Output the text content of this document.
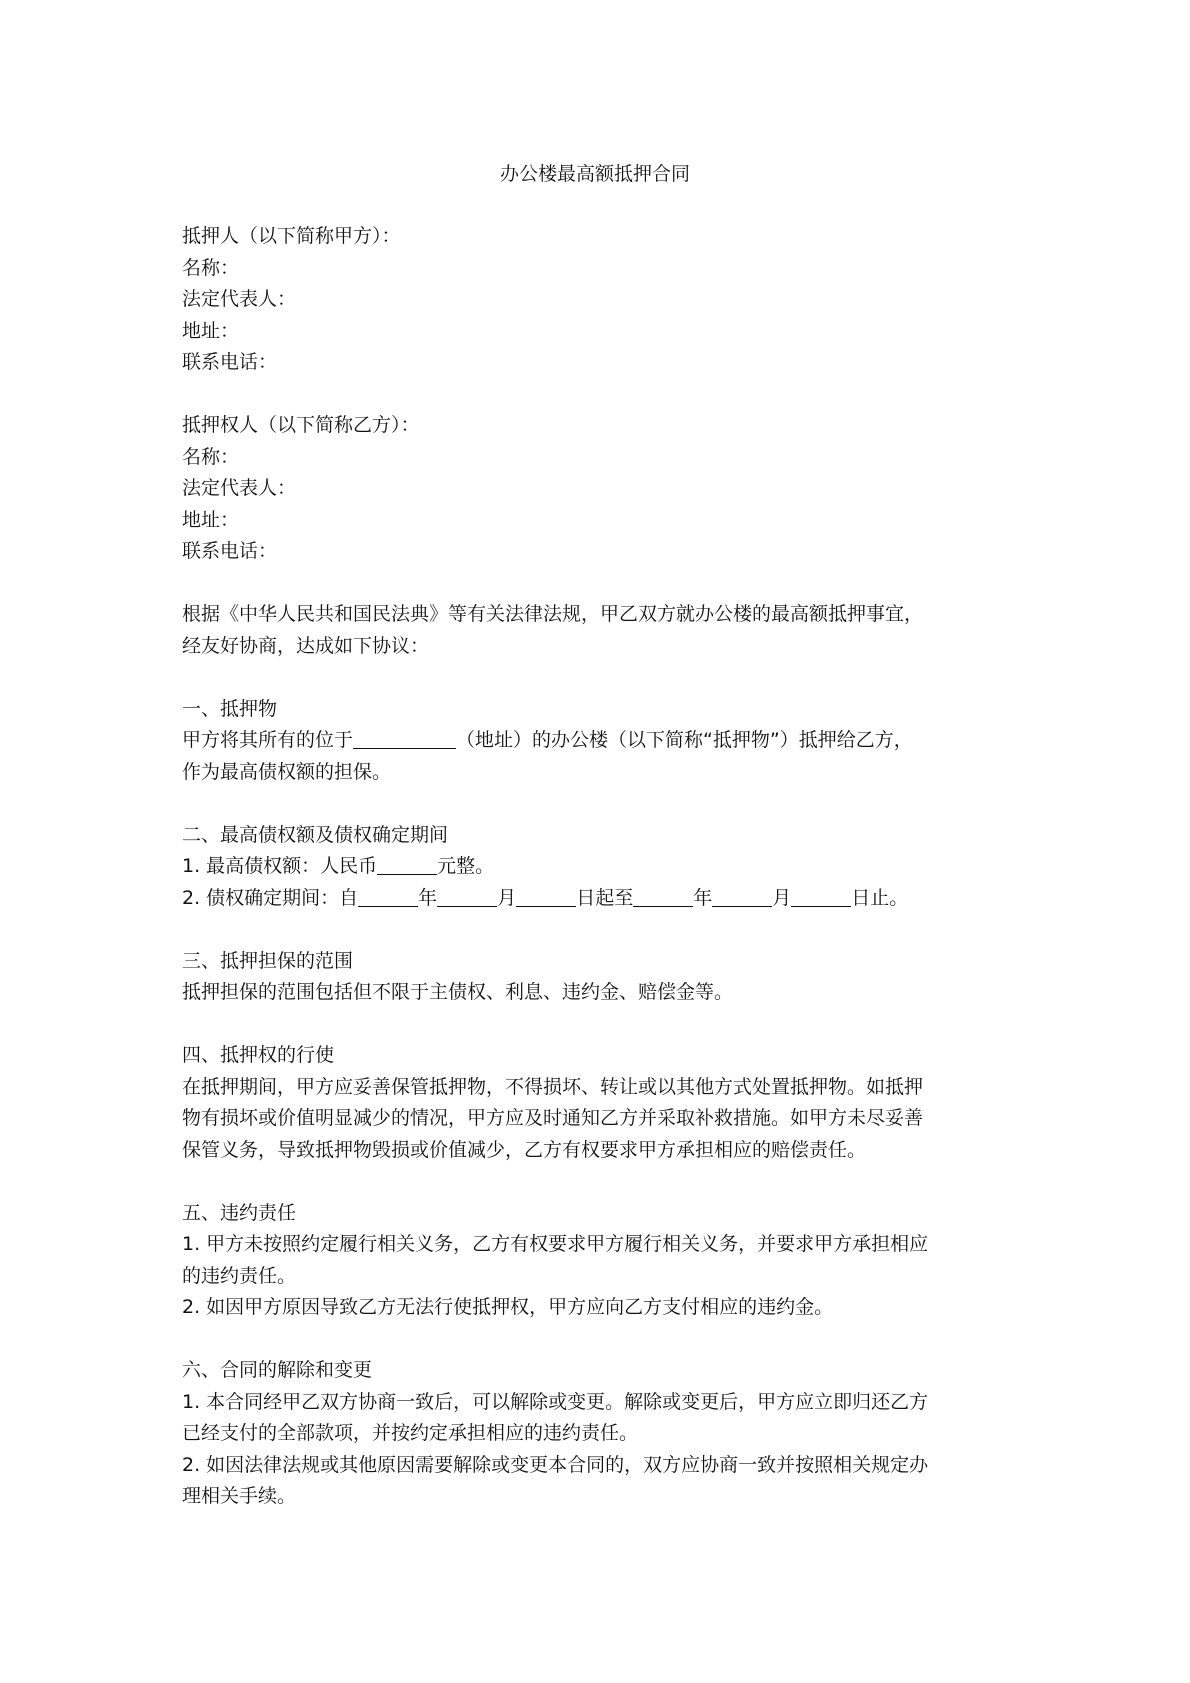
办公楼最高额抵押合同
抵押人（以下简称甲方）：
名称：
法定代表人：
地址：
联系电话：
抵押权人（以下简称乙方）：
名称：
法定代表人：
地址：
联系电话：
根据《中华人民共和国民法典》等有关法律法规，甲乙双方就办公楼的最高额抵押事宜，
经友好协商，达成如下协议：
一、抵押物
甲方将其所有的位于	（地址）的办公楼（以下简称“抵押物”）抵押给乙方，
作为最高债权额的担保。
二、最高债权额及债权确定期间
1. 最高债权额：人民币	元整。
2. 债权确定期间：自	年	月	日起至	年	月	日止。
三、抵押担保的范围
抵押担保的范围包括但不限于主债权、利息、违约金、赔偿金等。
四、抵押权的行使
在抵押期间，甲方应妥善保管抵押物，不得损坏、转让或以其他方式处置抵押物。如抵押
物有损坏或价值明显减少的情况，甲方应及时通知乙方并采取补救措施。如甲方未尽妥善
保管义务，导致抵押物毁损或价值减少，乙方有权要求甲方承担相应的赔偿责任。
五、违约责任
1. 甲方未按照约定履行相关义务，乙方有权要求甲方履行相关义务，并要求甲方承担相应
的违约责任。
2. 如因甲方原因导致乙方无法行使抵押权，甲方应向乙方支付相应的违约金。
六、合同的解除和变更
1. 本合同经甲乙双方协商一致后，可以解除或变更。解除或变更后，甲方应立即归还乙方
已经支付的全部款项，并按约定承担相应的违约责任。
2. 如因法律法规或其他原因需要解除或变更本合同的，双方应协商一致并按照相关规定办
理相关手续。
